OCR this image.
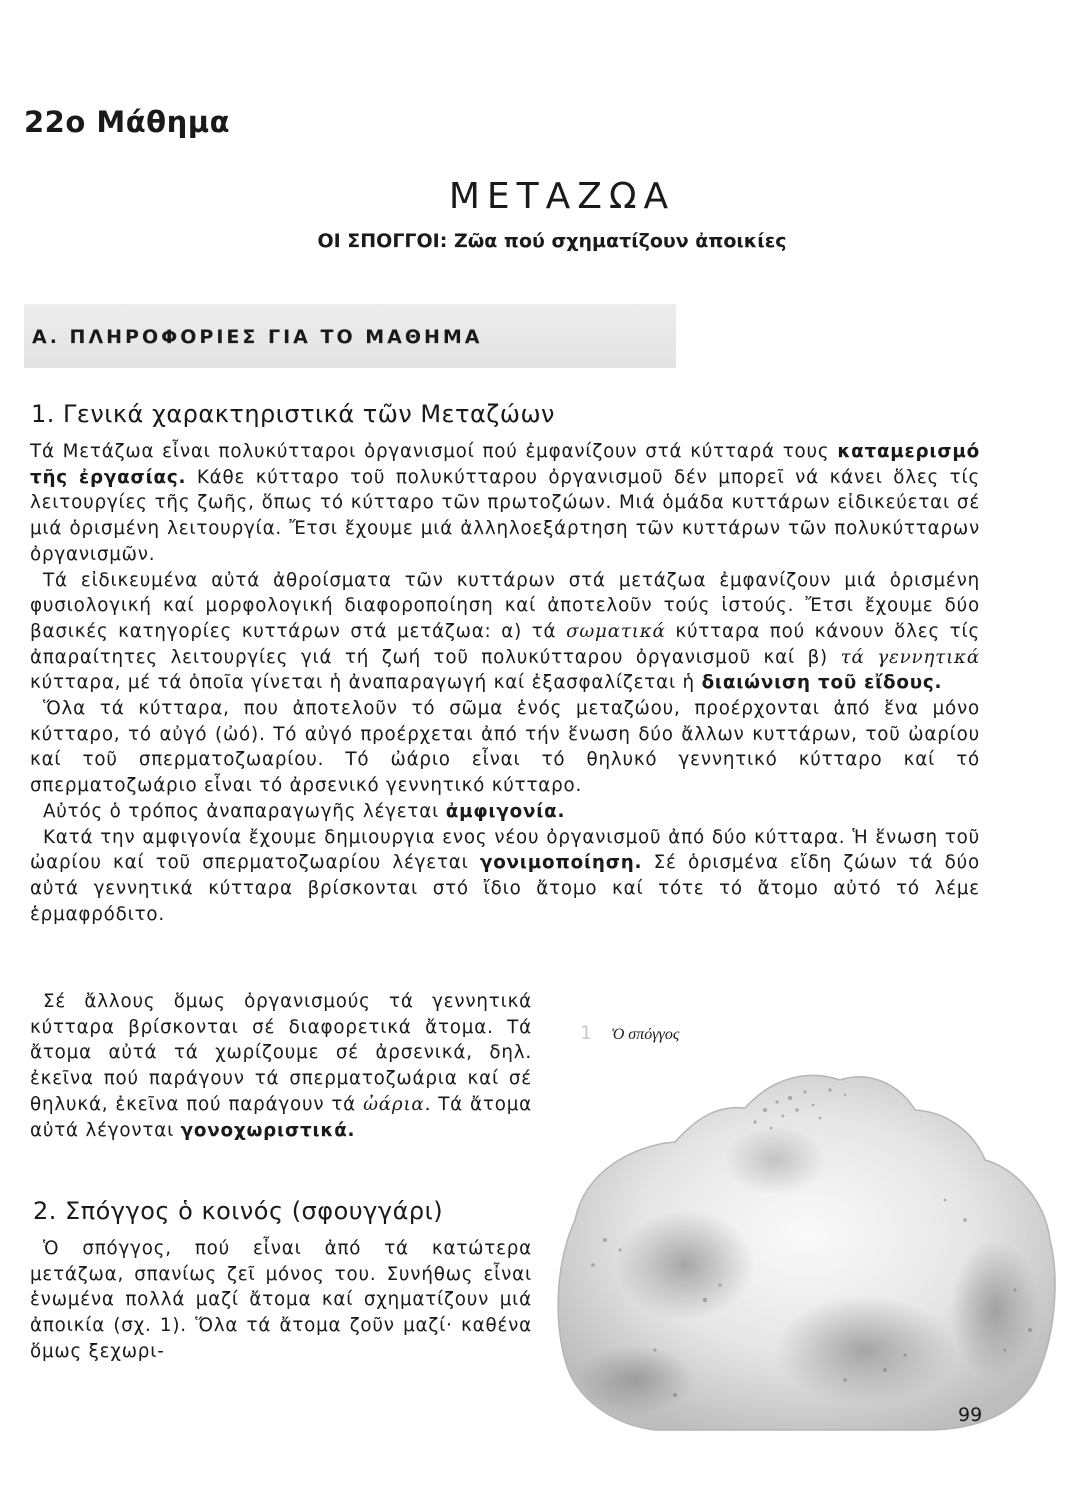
22ο Μάθημα
ΜΕΤΑΖΩΑ
ΟΙ ΣΠΟΓΓΟΙ: Ζῶα πού σχηματίζουν ἀποικίες
Α. ΠΛΗΡΟΦΟΡΙΕΣ ΓΙΑ ΤΟ ΜΑΘΗΜΑ
1. Γενικά χαρακτηριστικά τῶν Μεταζώων

Τά Μετάζωα εἶναι πολυκύτταροι ὀργανισμοί πού ἐμφανίζουν στά κύτταρά τους καταμερισμό τῆς ἐργασίας. Κάθε κύτταρο τοῦ πολυκύτταρου ὀργανισμοῦ δέν μπορεῖ νά κάνει ὅλες τίς λειτουργίες τῆς ζωῆς, ὅπως τό κύτταρο τῶν πρωτοζώων. Μιά ὁμάδα κυττάρων εἰδικεύεται σέ μιά ὁρισμένη λειτουργία. Ἔτσι ἔχουμε μιά ἀλληλοεξάρτηση τῶν κυττάρων τῶν πολυκύτταρων ὀργανισμῶν.

Τά εἰδικευμένα αὐτά ἀθροίσματα τῶν κυττάρων στά μετάζωα ἐμφανίζουν μιά ὁρισμένη φυσιολογική καί μορφολογική διαφοροποίηση καί ἀποτελοῦν τούς ἱστούς. Ἔτσι ἔχουμε δύο βασικές κατηγορίες κυττάρων στά μετάζωα: α) τά σωματικά κύτταρα πού κάνουν ὅλες τίς ἀπαραίτητες λειτουργίες γιά τή ζωή τοῦ πολυκύτταρου ὀργανισμοῦ καί β) τά γεννητικά κύτταρα, μέ τά ὁποῖα γίνεται ἡ ἀναπαραγωγή καί ἐξασφαλίζεται ἡ διαιώνιση τοῦ εἴδους.

Ὅλα τά κύτταρα, που ἀποτελοῦν τό σῶμα ἑνός μεταζώου, προέρχονται ἀπό ἕνα μόνο κύτταρο, τό αὐγό (ὠό). Τό αὐγό προέρχεται ἀπό τήν ἕνωση δύο ἄλλων κυττάρων, τοῦ ὠαρίου καί τοῦ σπερματοζωαρίου. Τό ὠάριο εἶναι τό θηλυκό γεννητικό κύτταρο καί τό σπερματοζωάριο εἶναι τό ἀρσενικό γεννητικό κύτταρο.

Αὐτός ὁ τρόπος ἀναπαραγωγῆς λέγεται ἀμφιγονία.

Κατά την αμφιγονία ἔχουμε δημιουργια ενος νέου ὀργανισμοῦ ἀπό δύο κύτταρα. Ἡ ἕνωση τοῦ ὠαρίου καί τοῦ σπερματοζωαρίου λέγεται γονιμοποίηση. Σέ ὁρισμένα εἴδη ζώων τά δύο αὐτά γεννητικά κύτταρα βρίσκονται στό ἴδιο ἄτομο καί τότε τό ἄτομο αὐτό τό λέμε ἑρμαφρόδιτο.

Σέ ἄλλους ὅμως ὀργανισμούς τά γεννητικά κύτταρα βρίσκονται σέ διαφορετικά ἄτομα. Τά ἄτομα αὐτά τά χωρίζουμε σέ ἀρσενικά, δηλ. ἐκεῖνα πού παράγουν τά σπερματοζωάρια καί σέ θηλυκά, ἐκεῖνα πού παράγουν τά ὠάρια. Τά ἄτομα αὐτά λέγονται γονοχωριστικά.

2. Σπόγγος ὁ κοινός (σφουγγάρι)

Ὁ σπόγγος, πού εἶναι ἀπό τά κατώτερα μετάζωα, σπανίως ζεῖ μόνος του. Συνήθως εἶναι ἑνωμένα πολλά μαζί ἄτομα καί σχηματίζουν μιά ἀποικία (σχ. 1). Ὅλα τά ἄτομα ζοῦν μαζί· καθένα ὅμως ξεχωρι-

1 Ὁ σπόγγος
99
